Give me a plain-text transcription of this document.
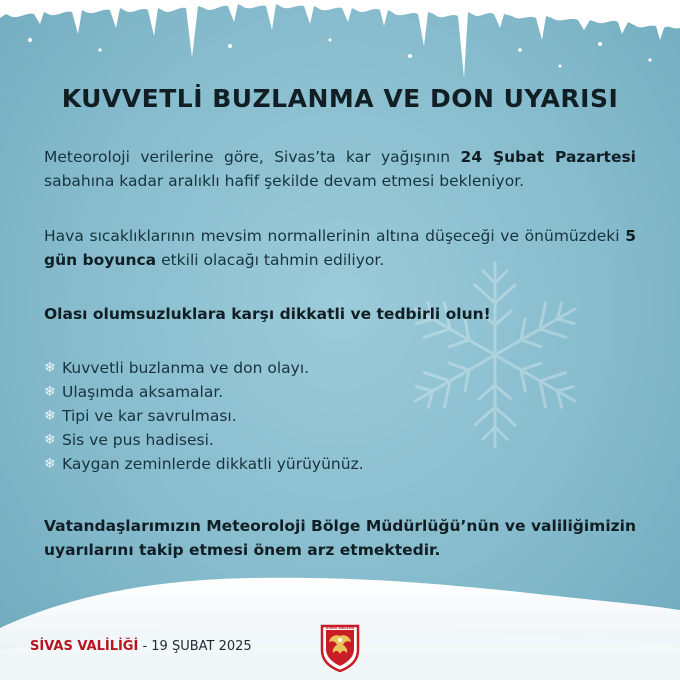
KUVVETLİ BUZLANMA VE DON UYARISI

Meteoroloji verilerine göre, Sivas’ta kar yağışının 24 Şubat Pazartesi sabahına kadar aralıklı hafif şekilde devam etmesi bekleniyor.

Hava sıcaklıklarının mevsim normallerinin altına düşeceği ve önümüzdeki 5 gün boyunca etkili olacağı tahmin ediliyor.

Olası olumsuzluklara karşı dikkatli ve tedbirli olun!

❄ Kuvvetli buzlanma ve don olayı.
❄ Ulaşımda aksamalar.
❄ Tipi ve kar savrulması.
❄ Sis ve pus hadisesi.
❄ Kaygan zeminlerde dikkatli yürüyünüz.

Vatandaşlarımızın Meteoroloji Bölge Müdürlüğü’nün ve valiliğimizin uyarılarını takip etmesi önem arz etmektedir.

SİVAS VALİLİĞİ - 19 ŞUBAT 2025
SİVAS VALİLİĞİ
